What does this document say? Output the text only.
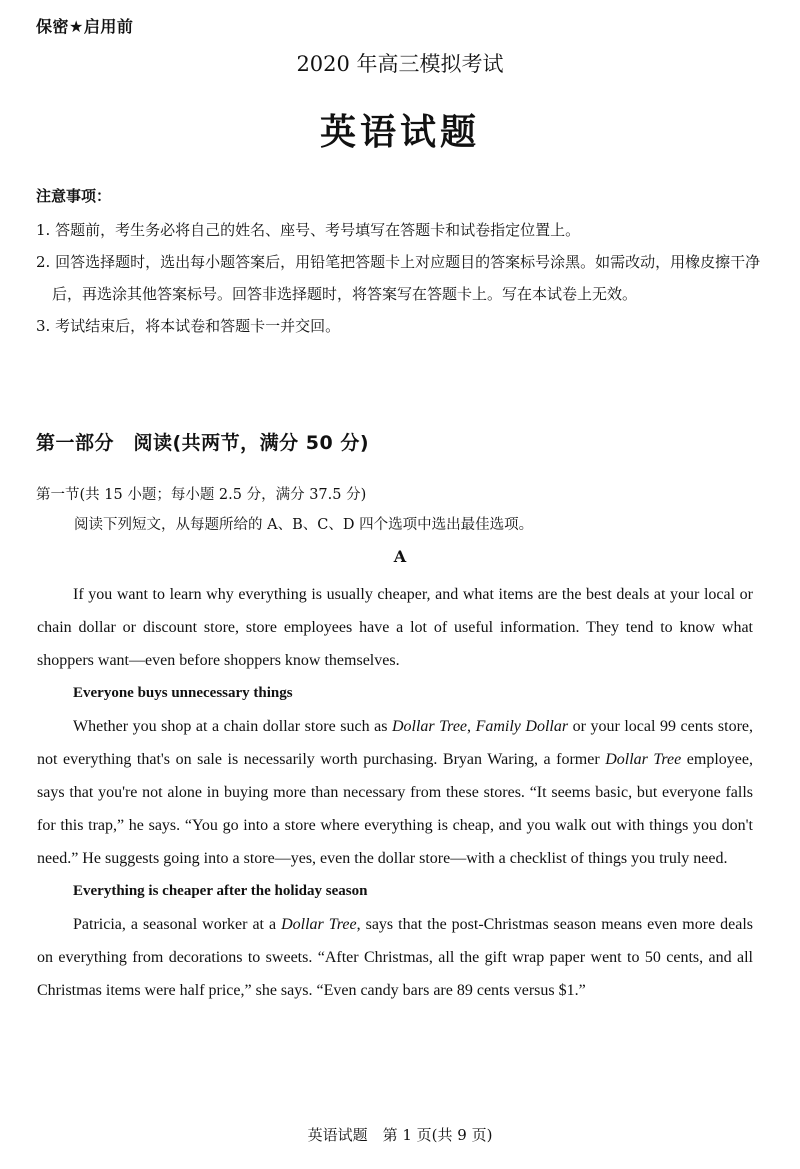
保密★启用前
2020 年高三模拟考试
英语试题
注意事项：
1. 答题前，考生务必将自己的姓名、座号、考号填写在答题卡和试卷指定位置上。
2. 回答选择题时，选出每小题答案后，用铅笔把答题卡上对应题目的答案标号涂黑。如需改动，用橡皮擦干净后，再选涂其他答案标号。回答非选择题时，将答案写在答题卡上。写在本试卷上无效。
3. 考试结束后，将本试卷和答题卡一并交回。
第一部分　阅读(共两节，满分 50 分)
第一节(共 15 小题；每小题 2.5 分，满分 37.5 分)
阅读下列短文，从每题所给的 A、B、C、D 四个选项中选出最佳选项。
A

If you want to learn why everything is usually cheaper, and what items are the best deals at your local or chain dollar or discount store, store employees have a lot of useful information. They tend to know what shoppers want—even before shoppers know themselves.

Everyone buys unnecessary things

Whether you shop at a chain dollar store such as Dollar Tree, Family Dollar or your local 99 cents store, not everything that's on sale is necessarily worth purchasing. Bryan Waring, a former Dollar Tree employee, says that you're not alone in buying more than necessary from these stores. “It seems basic, but everyone falls for this trap,” he says. “You go into a store where everything is cheap, and you walk out with things you don't need.” He suggests going into a store—yes, even the dollar store—with a checklist of things you truly need.

Everything is cheaper after the holiday season

Patricia, a seasonal worker at a Dollar Tree, says that the post-Christmas season means even more deals on everything from decorations to sweets. “After Christmas, all the gift wrap paper went to 50 cents, and all Christmas items were half price,” she says. “Even candy bars are 89 cents versus $1.”

英语试题　第 1 页(共 9 页)
